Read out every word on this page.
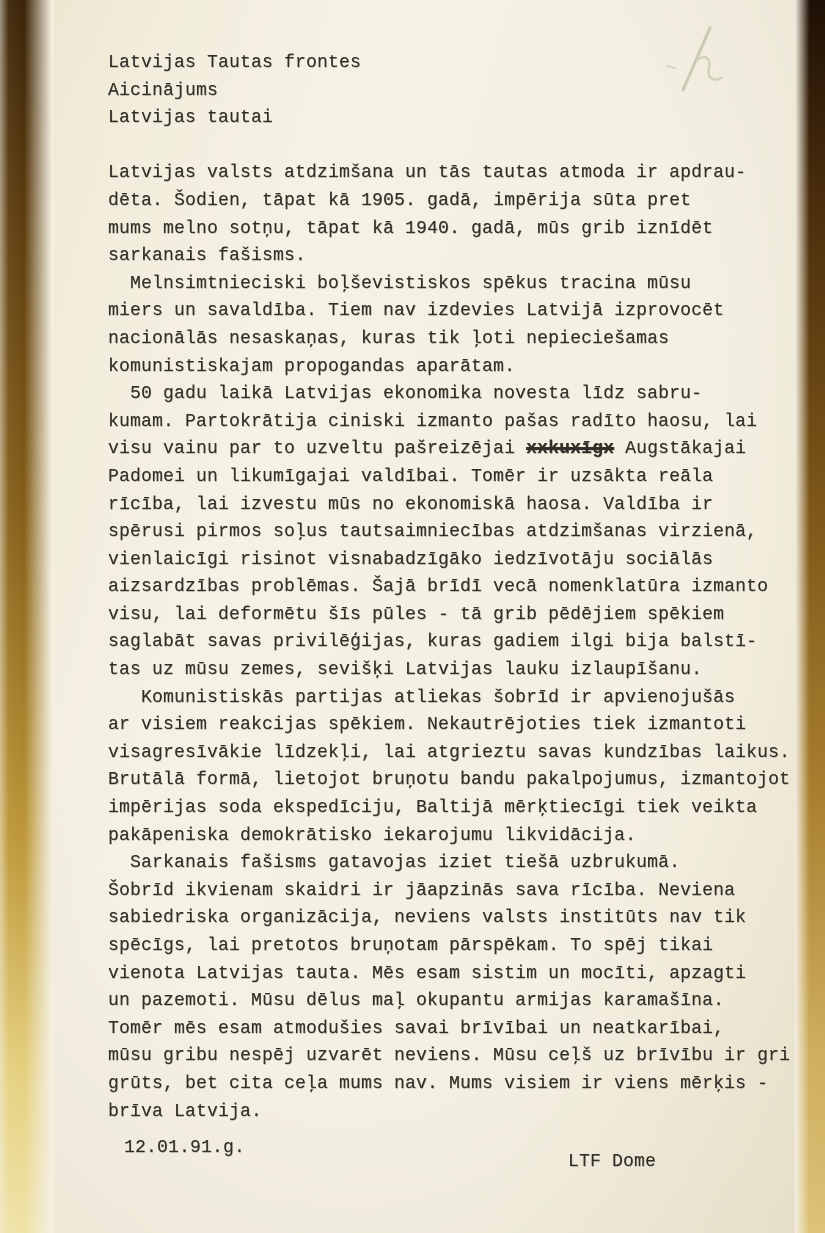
Latvijas Tautas frontes
Aicinājums
Latvijas tautai
Latvijas valsts atdzimšana un tās tautas atmoda ir apdrau-
dēta. Šodien, tāpat kā 1905. gadā, impērija sūta pret
mums melno sotņu, tāpat kā 1940. gadā, mūs grib iznīdēt
sarkanais fašisms.
Melnsimtnieciski boļševistiskos spēkus tracina mūsu
miers un savaldība. Tiem nav izdevies Latvijā izprovocēt
nacionālās nesaskaņas, kuras tik ļoti nepieciešamas
komunistiskajam propogandas aparātam.
50 gadu laikā Latvijas ekonomika novesta līdz sabru-
kumam. Partokrātija ciniski izmanto pašas radīto haosu, lai
visu vainu par to uzveltu pašreizējai xxkuxīgx Augstākajai
Padomei un likumīgajai valdībai. Tomēr ir uzsākta reāla
rīcība, lai izvestu mūs no ekonomiskā haosa. Valdība ir
spērusi pirmos soļus tautsaimniecības atdzimšanas virzienā,
vienlaicīgi risinot visnabadzīgāko iedzīvotāju sociālās
aizsardzības problēmas. Šajā brīdī vecā nomenklatūra izmanto
visu, lai deformētu šīs pūles - tā grib pēdējiem spēkiem
saglabāt savas privilēģijas, kuras gadiem ilgi bija balstī-
tas uz mūsu zemes, sevišķi Latvijas lauku izlaupīšanu.
Komunistiskās partijas atliekas šobrīd ir apvienojušās
ar visiem reakcijas spēkiem. Nekautrējoties tiek izmantoti
visagresīvākie līdzekļi, lai atgrieztu savas kundzības laikus.
Brutālā formā, lietojot bruņotu bandu pakalpojumus, izmantojot
impērijas soda ekspedīciju, Baltijā mērķtiecīgi tiek veikta
pakāpeniska demokrātisko iekarojumu likvidācija.
Sarkanais fašisms gatavojas iziet tiešā uzbrukumā.
Šobrīd ikvienam skaidri ir jāapzinās sava rīcība. Neviena
sabiedriska organizācija, neviens valsts institūts nav tik
spēcīgs, lai pretotos bruņotam pārspēkam. To spēj tikai
vienota Latvijas tauta. Mēs esam sistim un mocīti, apzagti
un pazemoti. Mūsu dēlus maļ okupantu armijas karamašīna.
Tomēr mēs esam atmodušies savai brīvībai un neatkarībai,
mūsu gribu nespēj uzvarēt neviens. Mūsu ceļš uz brīvību ir gri
grūts, bet cita ceļa mums nav. Mums visiem ir viens mērķis -
brīva Latvija.
12.01.91.g.
LTF Dome
